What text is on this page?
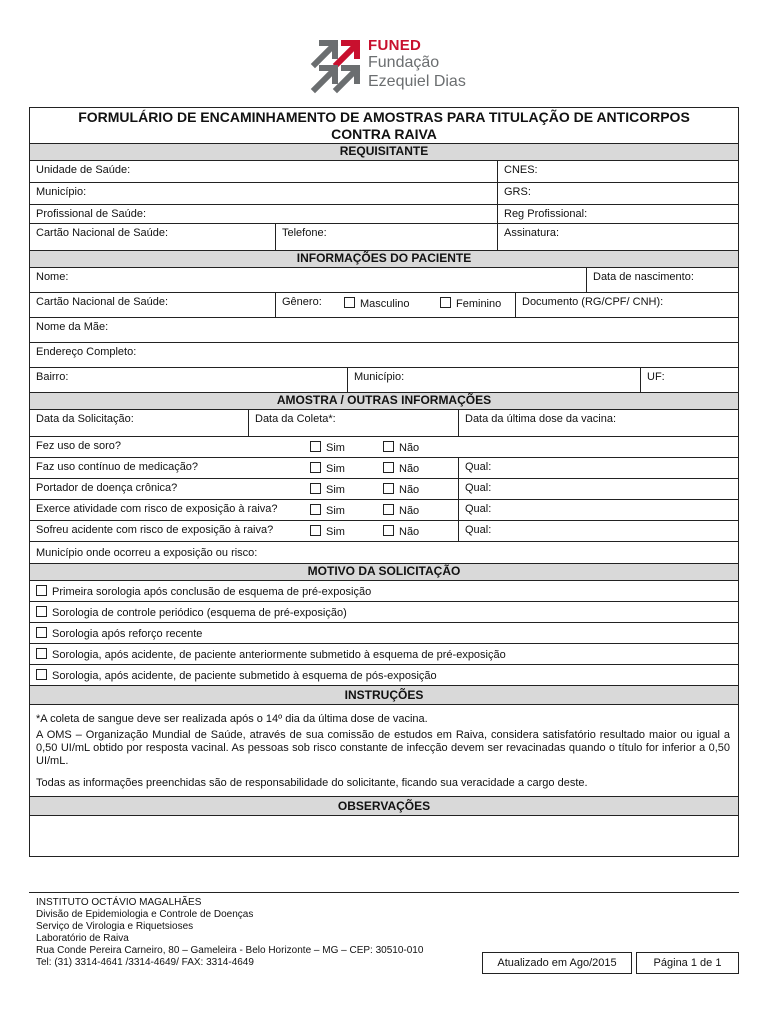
FUNED
Fundação
Ezequiel Dias
FORMULÁRIO DE ENCAMINHAMENTO DE AMOSTRAS PARA TITULAÇÃO DE ANTICORPOS
CONTRA RAIVA
REQUISITANTE
Unidade de Saúde:	CNES:
Município:	GRS:
Profissional de Saúde:	Reg Profissional:
Cartão Nacional de Saúde:	Telefone:	Assinatura:
INFORMAÇÕES DO PACIENTE
Nome:	Data de nascimento:
Cartão Nacional de Saúde:	Gênero:	Masculino	Feminino	Documento (RG/CPF/ CNH):
Nome da Mãe:
Endereço Completo:
Bairro:	Município:	UF:
AMOSTRA / OUTRAS INFORMAÇÕES
Data da Solicitação:	Data da Coleta*:	Data da última dose da vacina:
Fez uso de soro?	Sim	Não
Faz uso contínuo de medicação?	Sim	Não	Qual:
Portador de doença crônica?	Sim	Não	Qual:
Exerce atividade com risco de exposição à raiva?	Sim	Não	Qual:
Sofreu acidente com risco de exposição à raiva?	Sim	Não	Qual:
Município onde ocorreu a exposição ou risco:
MOTIVO DA SOLICITAÇÃO
Primeira sorologia após conclusão de esquema de pré-exposição
Sorologia de controle periódico (esquema de pré-exposição)
Sorologia após reforço recente
Sorologia, após acidente, de paciente anteriormente submetido à esquema de pré-exposição
Sorologia, após acidente, de paciente submetido à esquema de pós-exposição
INSTRUÇÕES
*A coleta de sangue deve ser realizada após o 14º dia da última dose de vacina.
A OMS – Organização Mundial de Saúde, através de sua comissão de estudos em Raiva, considera satisfatório resultado maior ou igual a 0,50 UI/mL obtido por resposta vacinal. As pessoas sob risco constante de infecção devem ser revacinadas quando o título for inferior a 0,50 UI/mL.
Todas as informações preenchidas são de responsabilidade do solicitante, ficando sua veracidade a cargo deste.
OBSERVAÇÕES
INSTITUTO OCTÁVIO MAGALHÃES
Divisão de Epidemiologia e Controle de Doenças
Serviço de Virologia e Riquetsioses
Laboratório de Raiva
Rua Conde Pereira Carneiro, 80 – Gameleira - Belo Horizonte – MG – CEP: 30510-010
Tel: (31) 3314-4641 /3314-4649/ FAX: 3314-4649	Atualizado em Ago/2015	Página 1 de 1
